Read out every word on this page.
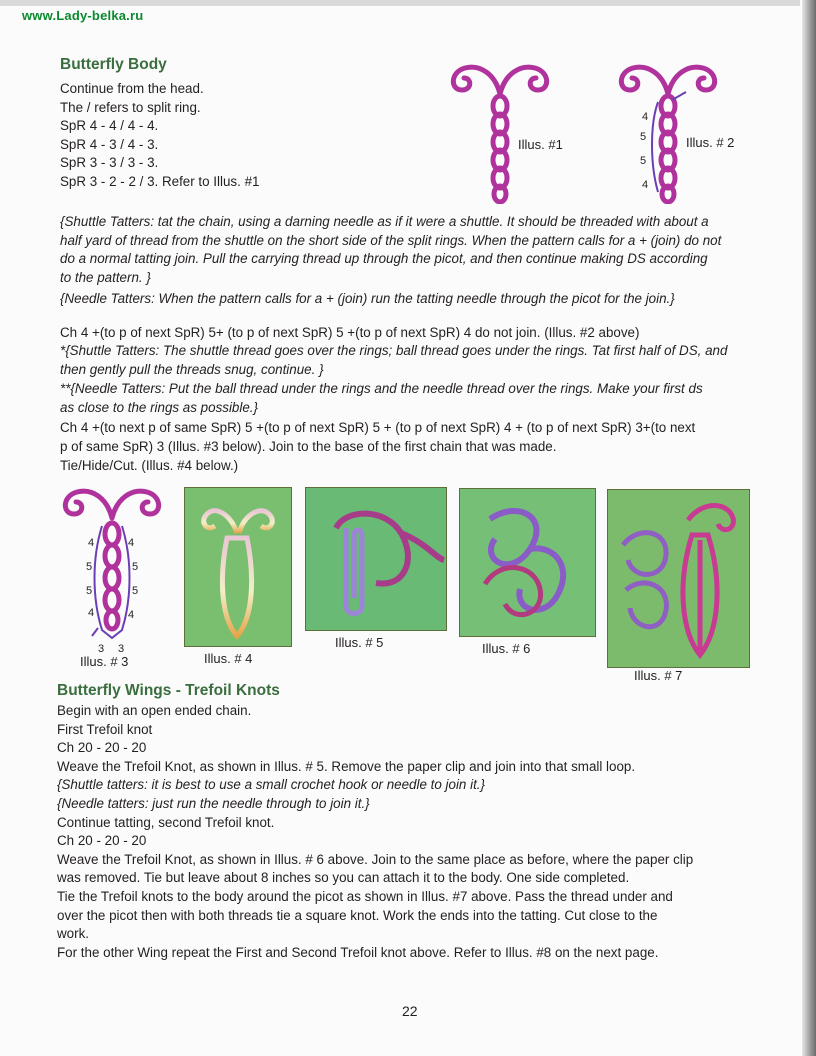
www.Lady-belka.ru
Butterfly Body
Continue from the head.
The / refers to split ring.
SpR 4 - 4 / 4 - 4.
SpR 4 - 3 / 4 - 3.
SpR 3 - 3 / 3 - 3.
SpR 3 - 2 - 2 / 3. Refer to Illus. #1
Illus. #1
4
5
5
4
Illus. # 2
{Shuttle Tatters: tat the chain, using a darning needle as if it were a shuttle. It should be threaded with about a
half yard of thread from the shuttle on the short side of the split rings. When the pattern calls for a + (join) do not
do a normal tatting join. Pull the carrying thread up through the picot, and then continue making DS according
to the pattern. }
{Needle Tatters: When the pattern calls for a + (join) run the tatting needle through the picot for the join.}
Ch 4 +(to p of next SpR) 5+ (to p of next SpR) 5 +(to p of next SpR) 4 do not join. (Illus. #2 above)
*{Shuttle Tatters: The shuttle thread goes over the rings; ball thread goes under the rings. Tat first half of DS, and
then gently pull the threads snug, continue. }
**{Needle Tatters: Put the ball thread under the rings and the needle thread over the rings. Make your first ds
as close to the rings as possible.}
Ch 4 +(to next p of same SpR) 5 +(to p of next SpR) 5 + (to p of next SpR) 4 + (to p of next SpR) 3+(to next
p of same SpR) 3 (Illus. #3 below). Join to the base of the first chain that was made.
Tie/Hide/Cut. (Illus. #4 below.)
4
5
5
4
4
5
5
4
3 3
Illus. # 3	Illus. # 4
Illus. # 5	Illus. # 6
Illus. # 7
Butterfly Wings - Trefoil Knots
Begin with an open ended chain.
First Trefoil knot
Ch 20 - 20 - 20
Weave the Trefoil Knot, as shown in Illus. # 5. Remove the paper clip and join into that small loop.
{Shuttle tatters: it is best to use a small crochet hook or needle to join it.}
{Needle tatters: just run the needle through to join it.}
Continue tatting, second Trefoil knot.
Ch 20 - 20 - 20
Weave the Trefoil Knot, as shown in Illus. # 6 above. Join to the same place as before, where the paper clip
was removed. Tie but leave about 8 inches so you can attach it to the body. One side completed.
Tie the Trefoil knots to the body around the picot as shown in Illus. #7 above. Pass the thread under and
over the picot then with both threads tie a square knot. Work the ends into the tatting. Cut close to the
work.
For the other Wing repeat the First and Second Trefoil knot above. Refer to Illus. #8 on the next page.
22
